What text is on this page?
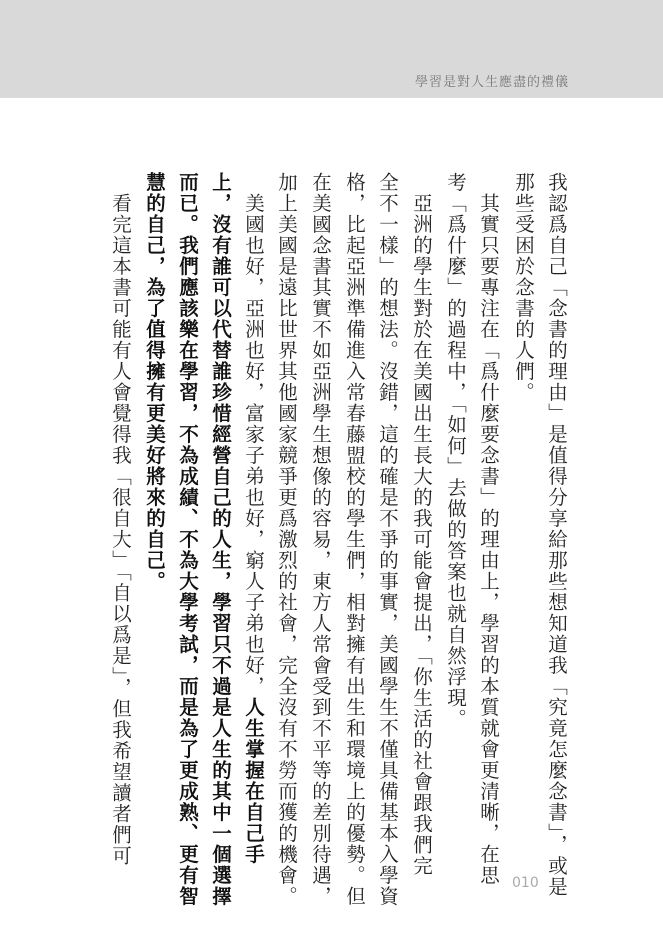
學習是對人生應盡的禮儀
我認爲自己「念書的理由」是值得分享給那些想知道我「究竟怎麼念書」，或是
那些受困於念書的人們。
　其實只要專注在「爲什麼要念書」的理由上，學習的本質就會更清晰，在思
考「爲什麼」的過程中，「如何」去做的答案也就自然浮現。
　亞洲的學生對於在美國出生長大的我可能會提出，「你生活的社會跟我們完
全不一樣」的想法。沒錯，這的確是不爭的事實，美國學生不僅具備基本入學資
格，比起亞洲準備進入常春藤盟校的學生們，相對擁有出生和環境上的優勢。但
在美國念書其實不如亞洲學生想像的容易，東方人常會受到不平等的差別待遇，
加上美國是遠比世界其他國家競爭更爲激烈的社會，完全沒有不勞而獲的機會。
　美國也好，亞洲也好，富家子弟也好，窮人子弟也好，人生掌握在自己手
上，沒有誰可以代替誰珍惜經營自己的人生，學習只不過是人生的其中一個選擇
而已。我們應該樂在學習，不為成績、不為大學考試，而是為了更成熟、更有智
慧的自己，為了值得擁有更美好將來的自己。
　看完這本書可能有人會覺得我「很自大」「自以爲是」，但我希望讀者們可
010
